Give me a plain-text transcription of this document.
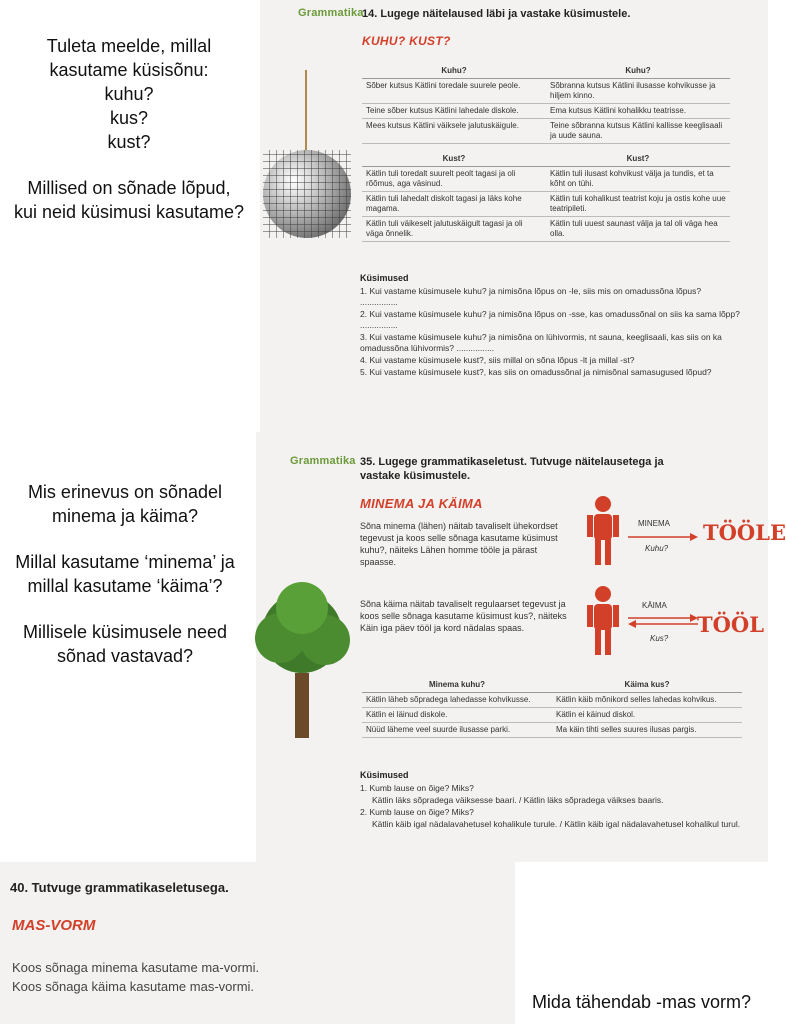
Tuleta meelde, millal

kasutame küsisõnu:

kuhu?

kus?

kust?

Millised on sõnade lõpud,

kui neid küsimusi kasutame?

Mis erinevus on sõnadel

minema ja käima?

Millal kasutame ‘minema’ ja

millal kasutame ‘käima’?

Millisele küsimusele need

sõnad vastavad?

Mida tähendab -mas vorm?

Grammatika
14. Lugege näitelaused läbi ja vastake küsimustele.
KUHU? KUST?
Kuhu?	Kuhu?
Sõber kutsus Kätlini toredale suurele peole.	Sõbranna kutsus Kätlini ilusasse kohvikusse ja hiljem kinno.
Teine sõber kutsus Kätlini lahedale diskole.	Ema kutsus Kätlini kohalikku teatrisse.
Mees kutsus Kätlini väiksele jalutuskäigule.	Teine sõbranna kutsus Kätlini kallisse keeglisaali ja uude sauna.
Kust?	Kust?
Kätlin tuli toredalt suurelt peolt tagasi ja oli rõõmus, aga väsinud.	Kätlin tuli ilusast kohvikust välja ja tundis, et ta kõht on tühi.
Kätlin tuli lahedalt diskolt tagasi ja läks kohe magama.	Kätlin tuli kohalikust teatrist koju ja ostis kohe uue teatripileti.
Kätlin tuli väikeselt jalutuskäigult tagasi ja oli väga õnnelik.	Kätlin tuli uuest saunast välja ja tal oli väga hea olla.
Küsimused
1. Kui vastame küsimusele kuhu? ja nimisõna lõpus on -le, siis mis on omadussõna lõpus? ................
2. Kui vastame küsimusele kuhu? ja nimisõna lõpus on -sse, kas omadussõnal on siis ka sama lõpp? ................
3. Kui vastame küsimusele kuhu? ja nimisõna on lühivormis, nt sauna, keeglisaali, kas siis on ka omadussõna lühivormis? ................
4. Kui vastame küsimusele kust?, siis millal on sõna lõpus -lt ja millal -st?
5. Kui vastame küsimusele kust?, kas siis on omadussõnal ja nimisõnal samasugused lõpud?
Grammatika 35. Lugege grammatikaseletust. Tutvuge näitelausetega ja vastake küsimustele.
MINEMA JA KÄIMA
Sõna minema (lähen) näitab tavaliselt ühekordset tegevust ja koos selle sõnaga kasutame küsimust kuhu?, näiteks Lähen homme tööle ja pärast spaasse.
Sõna käima näitab tavaliselt regulaarset tegevust ja koos selle sõnaga kasutame küsimust kus?, näiteks Käin iga päev tööl ja kord nädalas spaas.
MINEMA
Kuhu?
TÖÖLE
KÄIMA
Kus?
TÖÖL
Minema kuhu?	Käima kus?
Kätlin läheb sõpradega lahedasse kohvikusse.	Kätlin käib mõnikord selles lahedas kohvikus.
Kätlin ei läinud diskole.	Kätlin ei käinud diskol.
Nüüd läheme veel suurde ilusasse parki.	Ma käin tihti selles suures ilusas pargis.
Küsimused
1. Kumb lause on õige? Miks?
Kätlin läks sõpradega väiksesse baari. / Kätlin läks sõpradega väikses baaris.
2. Kumb lause on õige? Miks?
Kätlin käib igal nädalavahetusel kohalikule turule. / Kätlin käib igal nädalavahetusel kohalikul turul.
40. Tutvuge grammatikaseletusega.
MAS-VORM
Koos sõnaga minema kasutame ma-vormi.
Koos sõnaga käima kasutame mas-vormi.
